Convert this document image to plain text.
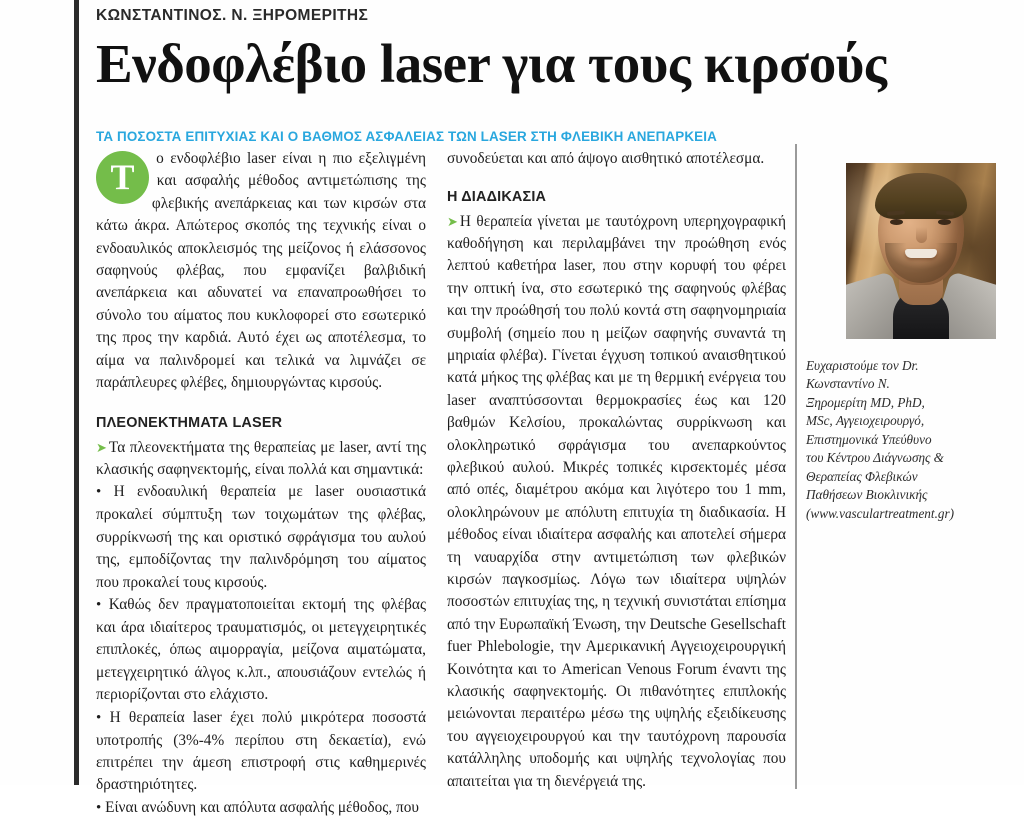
ΚΩΝΣΤΑΝΤΙΝΟΣ. Ν. ΞΗΡΟΜΕΡΙΤΗΣ
Ενδοφλέβιο laser για τους κιρσούς
ΤΑ ΠΟΣΟΣΤΑ ΕΠΙΤΥΧΙΑΣ ΚΑΙ Ο ΒΑΘΜΟΣ ΑΣΦΑΛΕΙΑΣ ΤΩΝ LASER ΣΤΗ ΦΛΕΒΙΚΗ ΑΝΕΠΑΡΚΕΙΑ

Τ	ο ενδοφλέβιο laser είναι η πιο εξελιγμένη και ασφαλής μέθοδος αντιμετώπισης της φλεβικής ανεπάρκειας και των κιρσών στα κάτω άκρα. Απώτερος σκοπός της τεχνικής είναι ο ενδοαυλικός αποκλεισμός της μείζονος ή ελάσσονος σαφηνούς φλέβας, που εμφανίζει βαλβιδική ανεπάρκεια και αδυνατεί να επαναπροωθήσει το σύνολο του αίματος που κυκλοφορεί στο εσωτερικό της προς την καρδιά. Αυτό έχει ως αποτέλεσμα, το αίμα να παλινδρομεί και τελικά να λιμνάζει σε παράπλευρες φλέβες, δημιουργώντας κιρσούς.

ΠΛΕΟΝΕΚΤΗΜΑΤΑ LASER

➤ Τα πλεονεκτήματα της θεραπείας με laser, αντί της κλασικής σαφηνεκτομής, είναι πολλά και σημαντικά:

• Η ενδοαυλική θεραπεία με laser ουσιαστικά προκαλεί σύμπτυξη των τοιχωμάτων της φλέβας, συρρίκνωσή της και οριστικό σφράγισμα του αυλού της, εμποδίζοντας την παλινδρόμηση του αίματος που προκαλεί τους κιρσούς.

• Καθώς δεν πραγματοποιείται εκτομή της φλέβας και άρα ιδιαίτερος τραυματισμός, οι μετεγχειρητικές επιπλοκές, όπως αιμορραγία, μείζονα αιματώματα, μετεγχειρητικό άλγος κ.λπ., απουσιάζουν εντελώς ή περιορίζονται στο ελάχιστο.

• Η θεραπεία laser έχει πολύ μικρότερα ποσοστά υποτροπής (3%-4% περίπου στη δεκαετία), ενώ επιτρέπει την άμεση επιστροφή στις καθημερινές δραστηριότητες.

• Είναι ανώδυνη και απόλυτα ασφαλής μέθοδος, που

συνοδεύεται και από άψογο αισθητικό αποτέλεσμα.

Η ΔΙΑΔΙΚΑΣΙΑ

➤ Η θεραπεία γίνεται με ταυτόχρονη υπερηχογραφική καθοδήγηση και περιλαμβάνει την προώθηση ενός λεπτού καθετήρα laser, που στην κορυφή του φέρει την οπτική ίνα, στο εσωτερικό της σαφηνούς φλέβας και την προώθησή του πολύ κοντά στη σαφηνομηριαία συμβολή (σημείο που η μείζων σαφηνής συναντά τη μηριαία φλέβα). Γίνεται έγχυση τοπικού αναισθητικού κατά μήκος της φλέβας και με τη θερμική ενέργεια του laser αναπτύσσονται θερμοκρασίες έως και 120 βαθμών Κελσίου, προκαλώντας συρρίκνωση και ολοκληρωτικό σφράγισμα του ανεπαρκούντος φλεβικού αυλού. Μικρές τοπικές κιρσεκτομές μέσα από οπές, διαμέτρου ακόμα και λιγότερο του 1 mm, ολοκληρώνουν με απόλυτη επιτυχία τη διαδικασία. Η μέθοδος είναι ιδιαίτερα ασφαλής και αποτελεί σήμερα τη ναυαρχίδα στην αντιμετώπιση των φλεβικών κιρσών παγκοσμίως. Λόγω των ιδιαίτερα υψηλών ποσοστών επιτυχίας της, η τεχνική συνιστάται επίσημα από την Ευρωπαϊκή Ένωση, την Deutsche Gesellschaft fuer Phlebologie, την Αμερικανική Αγγειοχειρουργική Κοινότητα και το American Venous Forum έναντι της κλασικής σαφηνεκτομής. Οι πιθανότητες επιπλοκής μειώνονται περαιτέρω μέσω της υψηλής εξειδίκευσης του αγγειοχειρουργού και την ταυτόχρονη παρουσία κατάλληλης υποδομής και υψηλής τεχνολογίας που απαιτείται για τη διενέργειά της.

Ευχαριστούμε τον Dr. Κωνσταντίνο Ν. Ξηρομερίτη MD, PhD, MSc, Αγγειοχειρουργό, Επιστημονικά Υπεύθυνο του Κέντρου Διάγνωσης & Θεραπείας Φλεβικών Παθήσεων Βιοκλινικής (www.vasculartreatment.gr)
